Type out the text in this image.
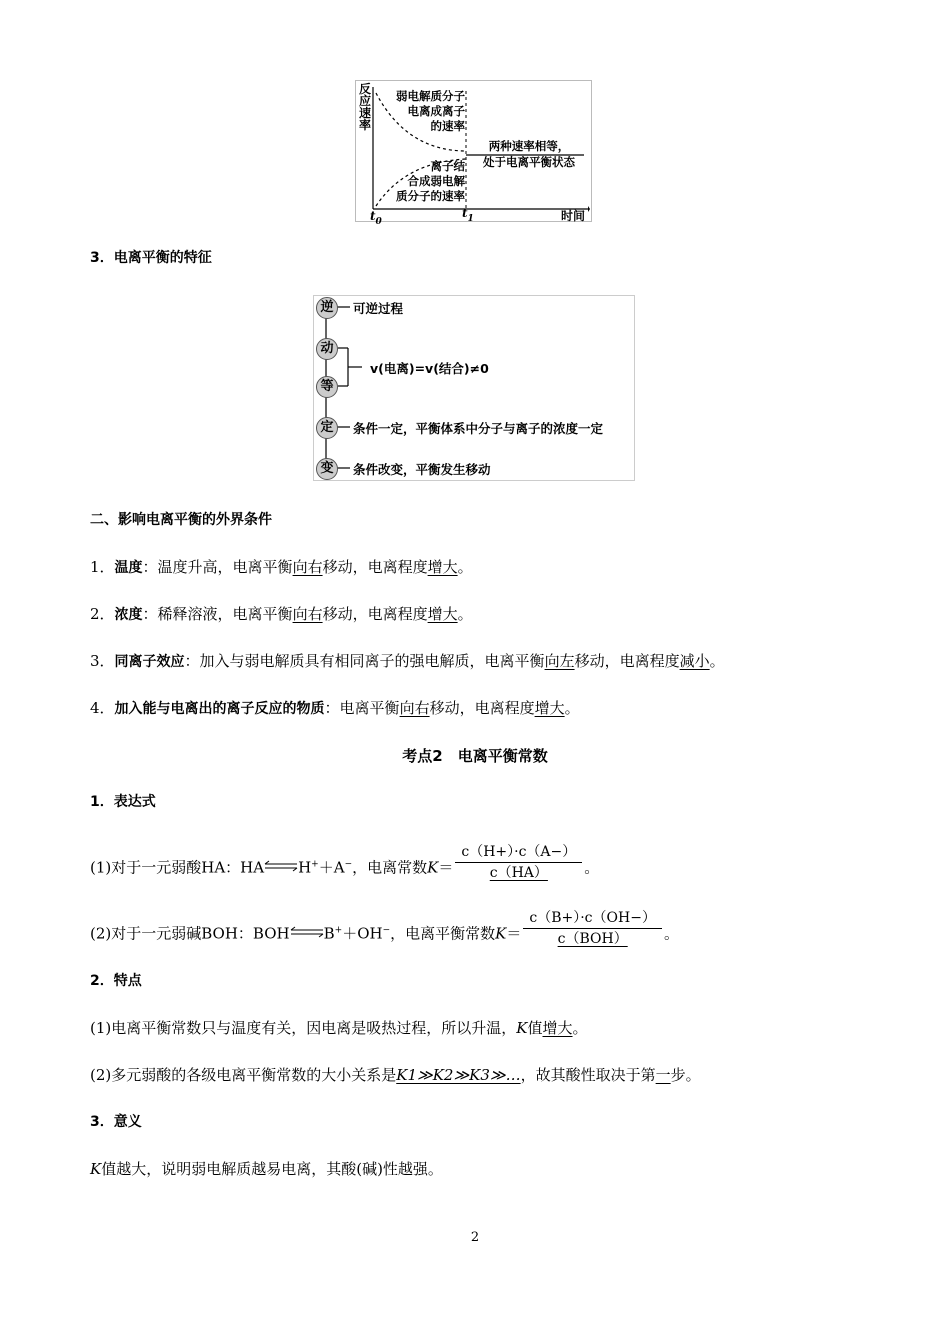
反
应
速
率
弱电解质分子
电离成离子
的速率
离子结
合成弱电解
质分子的速率
两种速率相等，
处于电离平衡状态
$t_0$
$t_1$	时间
3．电离平衡的特征
逆	可逆过程
动
等
v(电离)=v(结合)≠0
定	条件一定，平衡体系中分子与离子的浓度一定
变	条件改变，平衡发生移动
二、影响电离平衡的外界条件
1．温度：温度升高，电离平衡向右移动，电离程度增大。
2．浓度：稀释溶液，电离平衡向右移动，电离程度增大。
3．同离子效应：加入与弱电解质具有相同离子的强电解质，电离平衡向左移动，电离程度减小。
4．加入能与电离出的离子反应的物质：电离平衡向右移动，电离程度增大。
考点2　电离平衡常数
1．表达式
(1)对于一元弱酸HA：HA⇌H+＋A−，电离常数$K= \frac{c(H+)\cdot c(A-)}{c(HA)}$ 。
(2)对于一元弱碱BOH：BOH⇌B+＋OH−，电离平衡常数$K= \frac{c(B+)\cdot c(OH-)}{\text{c（BOH）}}$ 。
2．特点
(1)电离平衡常数只与温度有关，因电离是吸热过程，所以升温，K值增大。
(2)多元弱酸的各级电离平衡常数的大小关系是K1≫K2≫K3≫…，故其酸性取决于第一步。
3．意义
K值越大，说明弱电解质越易电离，其酸(碱)性越强。
2
